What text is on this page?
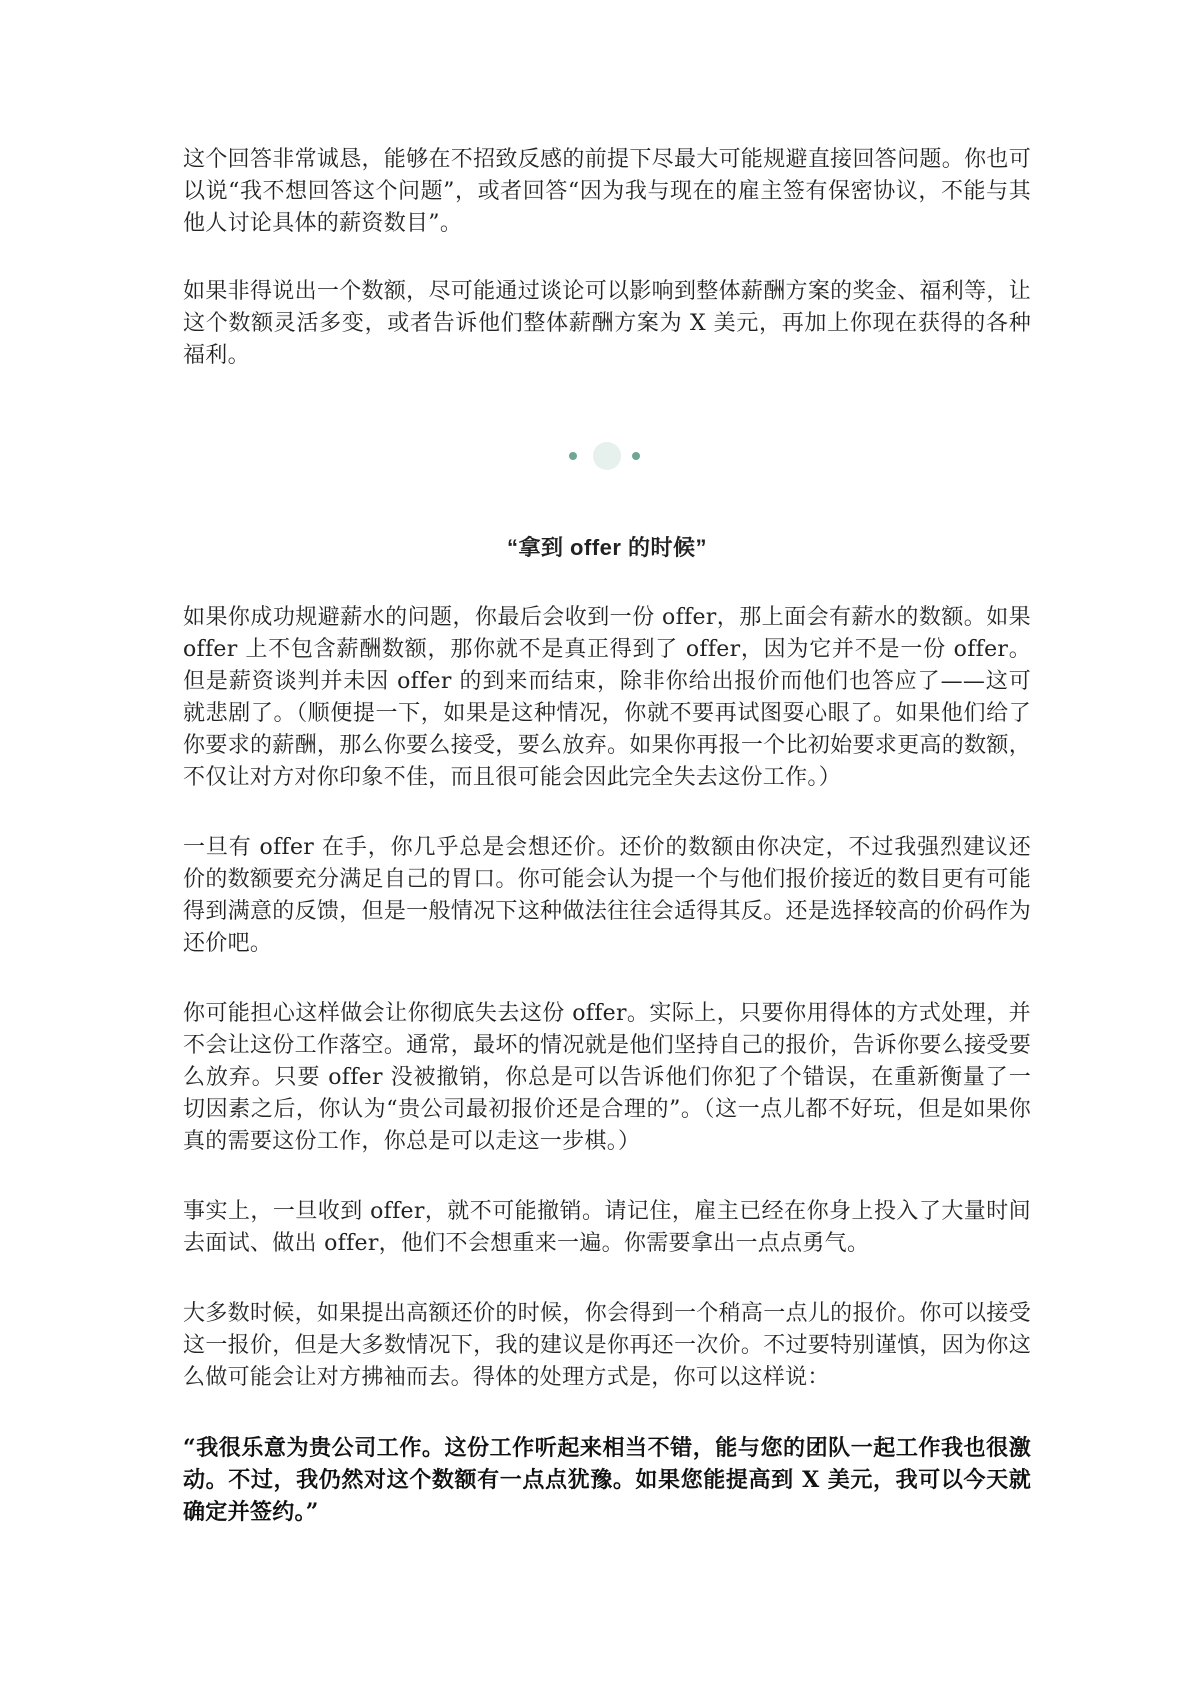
这个回答非常诚恳，能够在不招致反感的前提下尽最大可能规避直接回答问题。你也可以说“我不想回答这个问题”，或者回答“因为我与现在的雇主签有保密协议，不能与其他人讨论具体的薪资数目”。

如果非得说出一个数额，尽可能通过谈论可以影响到整体薪酬方案的奖金、福利等，让这个数额灵活多变，或者告诉他们整体薪酬方案为 X 美元，再加上你现在获得的各种福利。

“拿到 offer 的时候”

如果你成功规避薪水的问题，你最后会收到一份 offer，那上面会有薪水的数额。如果 offer 上不包含薪酬数额，那你就不是真正得到了 offer，因为它并不是一份 offer。但是薪资谈判并未因 offer 的到来而结束，除非你给出报价而他们也答应了——这可就悲剧了。（顺便提一下，如果是这种情况，你就不要再试图耍心眼了。如果他们给了你要求的薪酬，那么你要么接受，要么放弃。如果你再报一个比初始要求更高的数额，不仅让对方对你印象不佳，而且很可能会因此完全失去这份工作。）

一旦有 offer 在手，你几乎总是会想还价。还价的数额由你决定，不过我强烈建议还价的数额要充分满足自己的胃口。你可能会认为提一个与他们报价接近的数目更有可能得到满意的反馈，但是一般情况下这种做法往往会适得其反。还是选择较高的价码作为还价吧。

你可能担心这样做会让你彻底失去这份 offer。实际上，只要你用得体的方式处理，并不会让这份工作落空。通常，最坏的情况就是他们坚持自己的报价，告诉你要么接受要么放弃。只要 offer 没被撤销，你总是可以告诉他们你犯了个错误，在重新衡量了一切因素之后，你认为“贵公司最初报价还是合理的”。（这一点儿都不好玩，但是如果你真的需要这份工作，你总是可以走这一步棋。）

事实上，一旦收到 offer，就不可能撤销。请记住，雇主已经在你身上投入了大量时间去面试、做出 offer，他们不会想重来一遍。你需要拿出一点点勇气。

大多数时候，如果提出高额还价的时候，你会得到一个稍高一点儿的报价。你可以接受这一报价，但是大多数情况下，我的建议是你再还一次价。不过要特别谨慎，因为你这么做可能会让对方拂袖而去。得体的处理方式是，你可以这样说：

“我很乐意为贵公司工作。这份工作听起来相当不错，能与您的团队一起工作我也很激动。不过，我仍然对这个数额有一点点犹豫。如果您能提高到 X 美元，我可以今天就确定并签约。”
